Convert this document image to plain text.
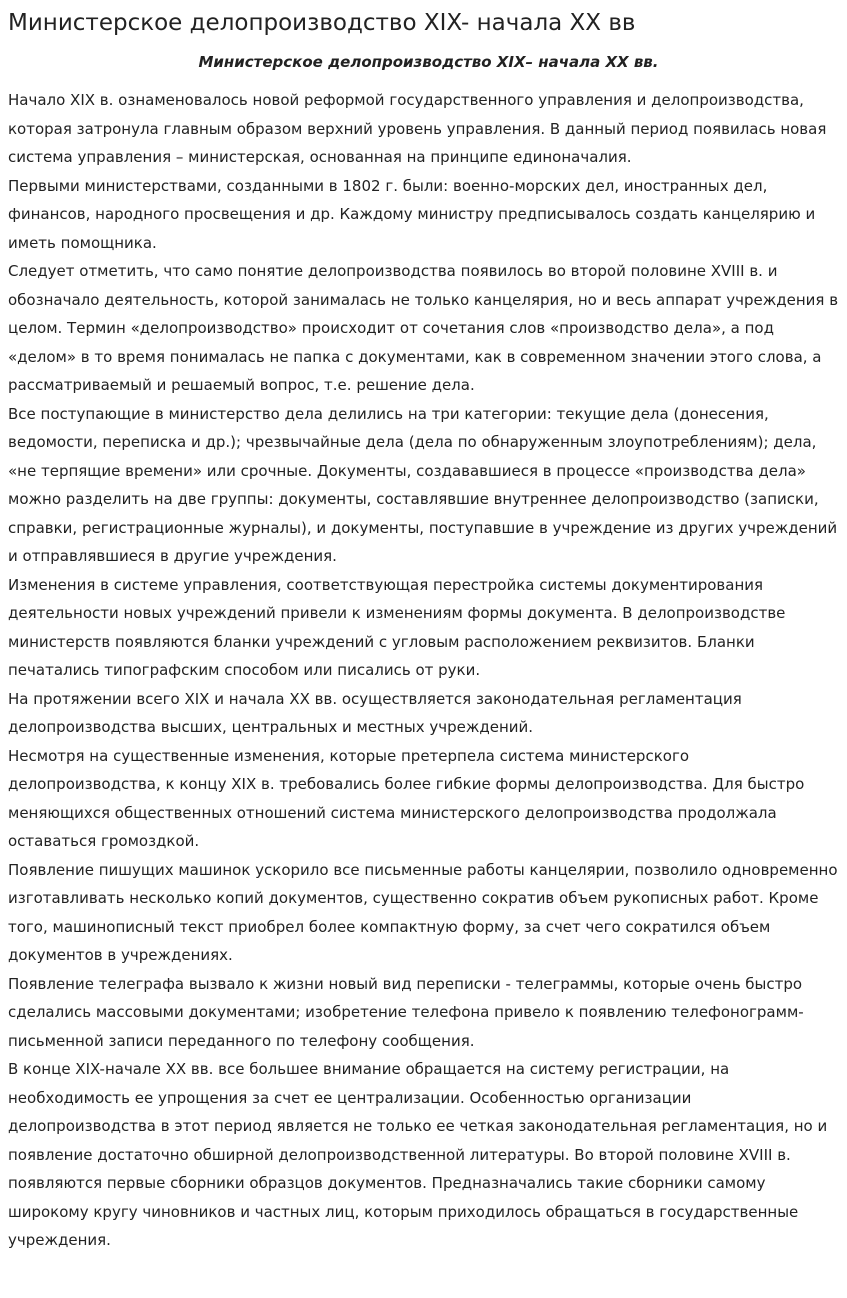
Министерское делопроизводство XIX- начала XX вв
Министерское делопроизводство XIX– начала XX вв.

Начало XIX в. ознаменовалось новой реформой государственного управления и делопроизводства, которая затронула главным образом верхний уровень управления. В данный период появилась новая система управления – министерская, основанная на принципе единоначалия.

Первыми министерствами, созданными в 1802 г. были: военно-морских дел, иностранных дел, финансов, народного просвещения и др. Каждому министру предписывалось создать канцелярию и иметь помощника.

Следует отметить, что само понятие делопроизводства появилось во второй половине XVIII в. и обозначало деятельность, которой занималась не только канцелярия, но и весь аппарат учреждения в целом. Термин «делопроизводство» происходит от сочетания слов «производство дела», а под «делом» в то время понималась не папка с документами, как в современном значении этого слова, а рассматриваемый и решаемый вопрос, т.е. решение дела.

Все поступающие в министерство дела делились на три категории: текущие дела (донесения, ведомости, переписка и др.); чрезвычайные дела (дела по обнаруженным злоупотреблениям); дела, «не терпящие времени» или срочные. Документы, создававшиеся в процессе «производства дела» можно разделить на две группы: документы, составлявшие внутреннее делопроизводство (записки, справки, регистрационные журналы), и документы, поступавшие в учреждение из других учреждений и отправлявшиеся в другие учреждения.

Изменения в системе управления, соответствующая перестройка системы документирования деятельности новых учреждений привели к изменениям формы документа. В делопроизводстве министерств появляются бланки учреждений с угловым расположением реквизитов. Бланки печатались типографским способом или писались от руки.

На протяжении всего XIX и начала XX вв. осуществляется законодательная регламентация делопроизводства высших, центральных и местных учреждений.

Несмотря на существенные изменения, которые претерпела система министерского делопроизводства, к концу XIX в. требовались более гибкие формы делопроизводства. Для быстро меняющихся общественных отношений система министерского делопроизводства продолжала оставаться громоздкой.

Появление пишущих машинок ускорило все письменные работы канцелярии, позволило одновременно изготавливать несколько копий документов, существенно сократив объем рукописных работ. Кроме того, машинописный текст приобрел более компактную форму, за счет чего сократился объем документов в учреждениях.

Появление телеграфа вызвало к жизни новый вид переписки - телеграммы, которые очень быстро сделались массовыми документами; изобретение телефона привело к появлению телефонограмм- письменной записи переданного по телефону сообщения.

В конце XIX-начале XX вв. все большее внимание обращается на систему регистрации, на необходимость ее упрощения за счет ее централизации. Особенностью организации делопроизводства в этот период является не только ее четкая законодательная регламентация, но и появление достаточно обширной делопроизводственной литературы. Во второй половине XVIII в. появляются первые сборники образцов документов. Предназначались такие сборники самому широкому кругу чиновников и частных лиц, которым приходилось обращаться в государственные учреждения.
